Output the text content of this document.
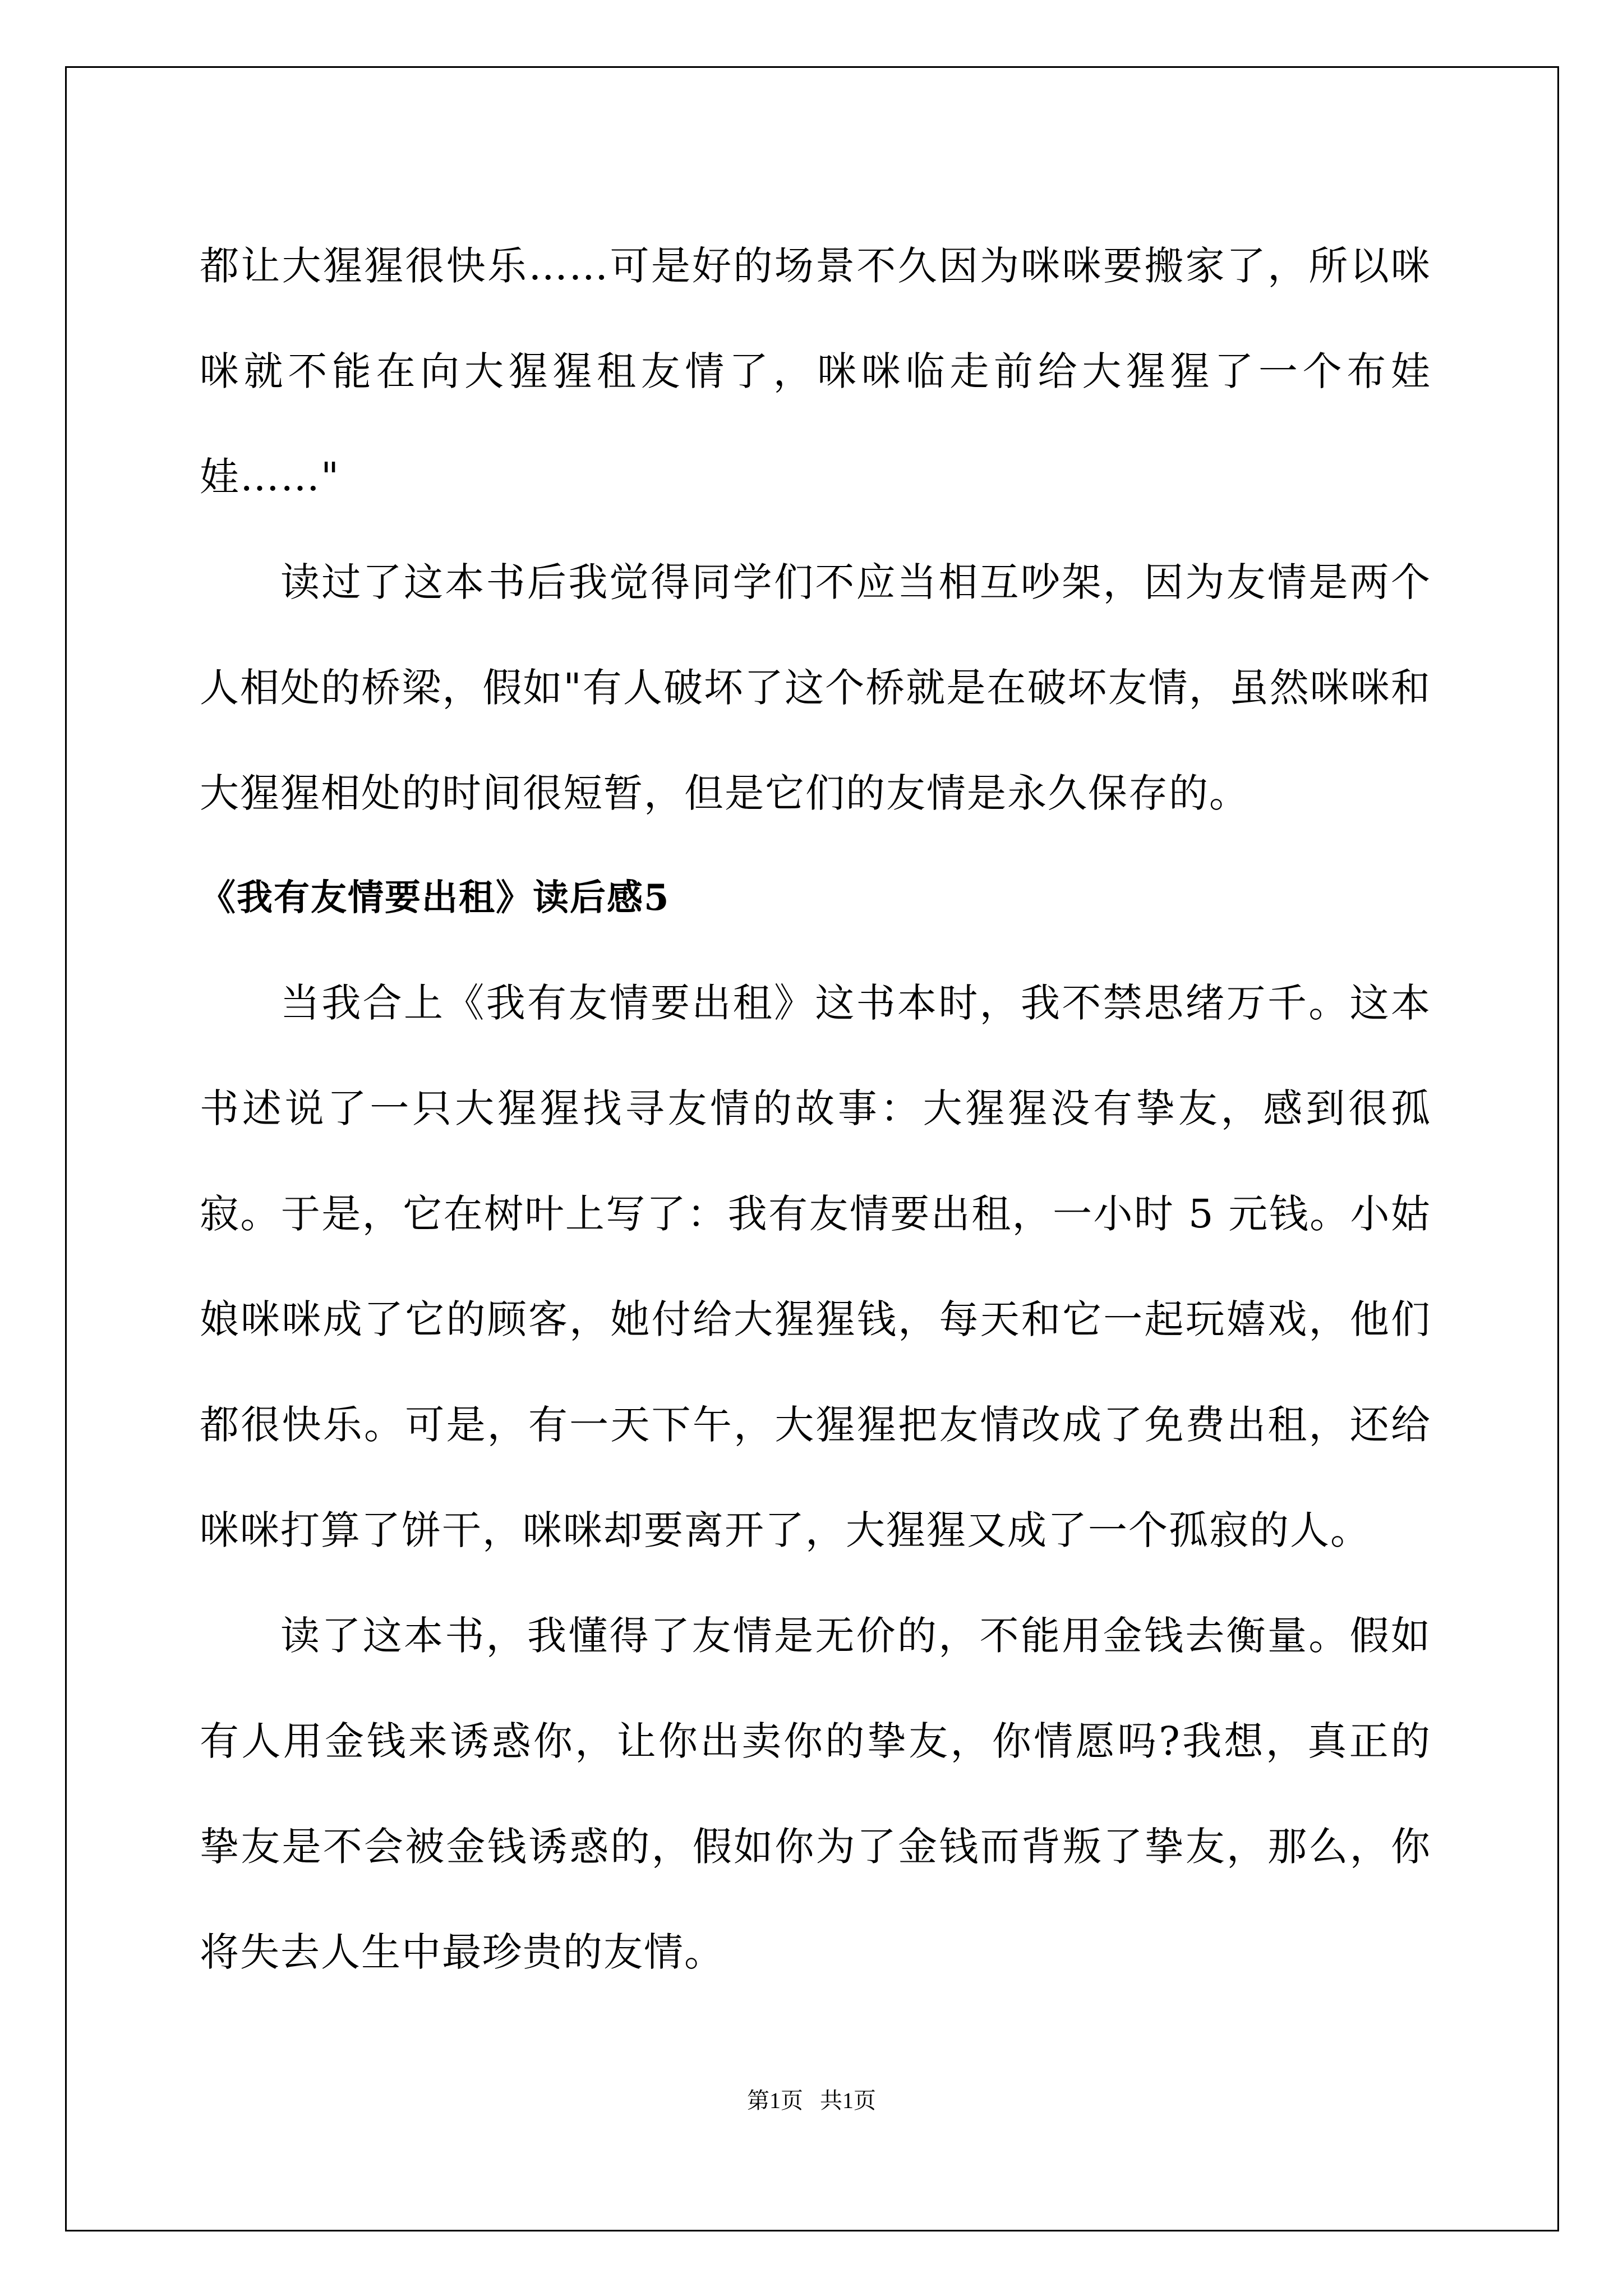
都让大猩猩很快乐……可是好的场景不久因为咪咪要搬家了，所以咪咪就不能在向大猩猩租友情了，咪咪临走前给大猩猩了一个布娃娃……"

读过了这本书后我觉得同学们不应当相互吵架，因为友情是两个人相处的桥梁，假如"有人破坏了这个桥就是在破坏友情，虽然咪咪和大猩猩相处的时间很短暂，但是它们的友情是永久保存的。

《我有友情要出租》读后感5

当我合上《我有友情要出租》这书本时，我不禁思绪万千。这本书述说了一只大猩猩找寻友情的故事：大猩猩没有挚友，感到很孤寂。于是，它在树叶上写了：我有友情要出租，一小时 5 元钱。小姑娘咪咪成了它的顾客，她付给大猩猩钱，每天和它一起玩嬉戏，他们都很快乐。可是，有一天下午，大猩猩把友情改成了免费出租，还给咪咪打算了饼干，咪咪却要离开了，大猩猩又成了一个孤寂的人。

读了这本书，我懂得了友情是无价的，不能用金钱去衡量。假如有人用金钱来诱惑你，让你出卖你的挚友，你情愿吗?我想，真正的挚友是不会被金钱诱惑的，假如你为了金钱而背叛了挚友，那么，你将失去人生中最珍贵的友情。

第1页   共1页
